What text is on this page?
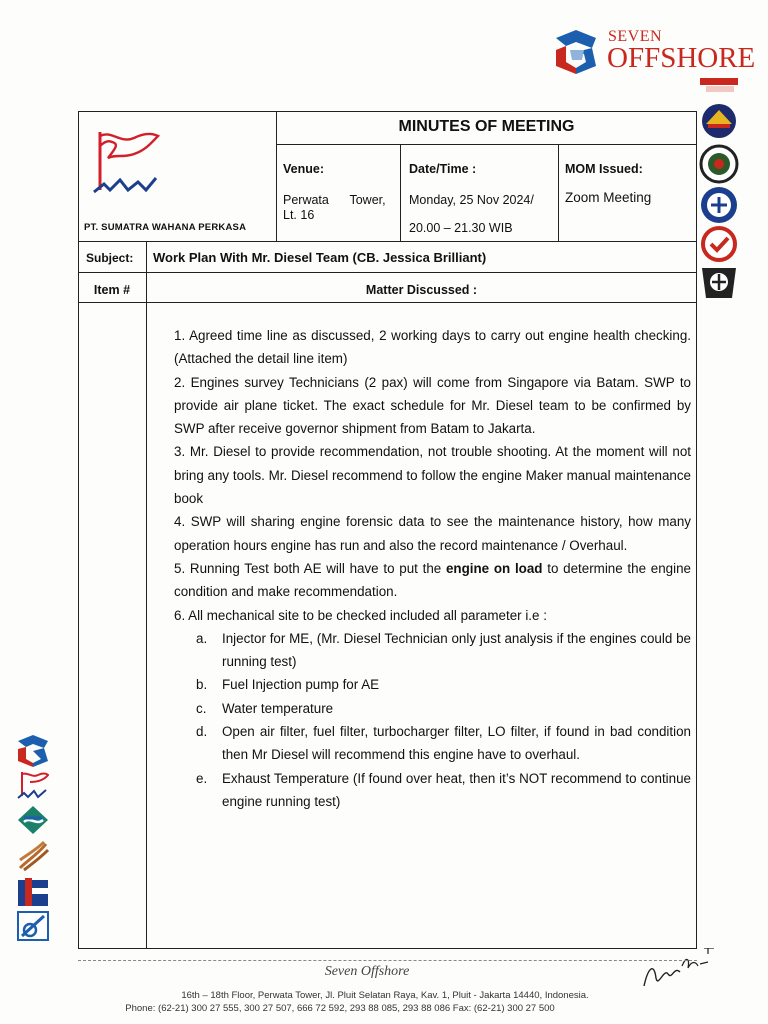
SEVEN
OFFSHORE
PT. SUMATRA WAHANA PERKASA
MINUTES OF MEETING
Venue:
Perwata      Tower,
Lt. 16
Date/Time :
Monday, 25 Nov 2024/
20.00 – 21.30 WIB
MOM Issued:
Zoom Meeting
Subject: Work Plan With Mr. Diesel Team (CB. Jessica Brilliant)
Item #	Matter Discussed :

1. Agreed time line as discussed, 2 working days to carry out engine health checking. (Attached the detail line item)

2. Engines survey Technicians (2 pax) will come from Singapore via Batam. SWP to provide air plane ticket. The exact schedule for Mr. Diesel team to be confirmed by SWP after receive governor shipment from Batam to Jakarta.

3. Mr. Diesel to provide recommendation, not trouble shooting. At the moment will not bring any tools. Mr. Diesel recommend to follow the engine Maker manual maintenance book

4. SWP will sharing engine forensic data to see the maintenance history, how many operation hours engine has run and also the record maintenance / Overhaul.

5. Running Test both AE will have to put the engine on load to determine the engine condition and make recommendation.

6. All mechanical site to be checked included all parameter i.e :

a. Injector for ME, (Mr. Diesel Technician only just analysis if the engines could be running test)
b. Fuel Injection pump for AE
c. Water temperature
d. Open air filter, fuel filter, turbocharger filter, LO filter, if found in bad condition then Mr Diesel will recommend this engine have to overhaul.
e. Exhaust Temperature (If found over heat, then it’s NOT recommend to continue engine running test)
Seven Offshore
16th – 18th Floor, Perwata Tower, Jl. Pluit Selatan Raya, Kav. 1, Pluit - Jakarta 14440, Indonesia.
Phone: (62-21) 300 27 555, 300 27 507, 666 72 592, 293 88 085, 293 88 086 Fax: (62-21) 300 27 500
